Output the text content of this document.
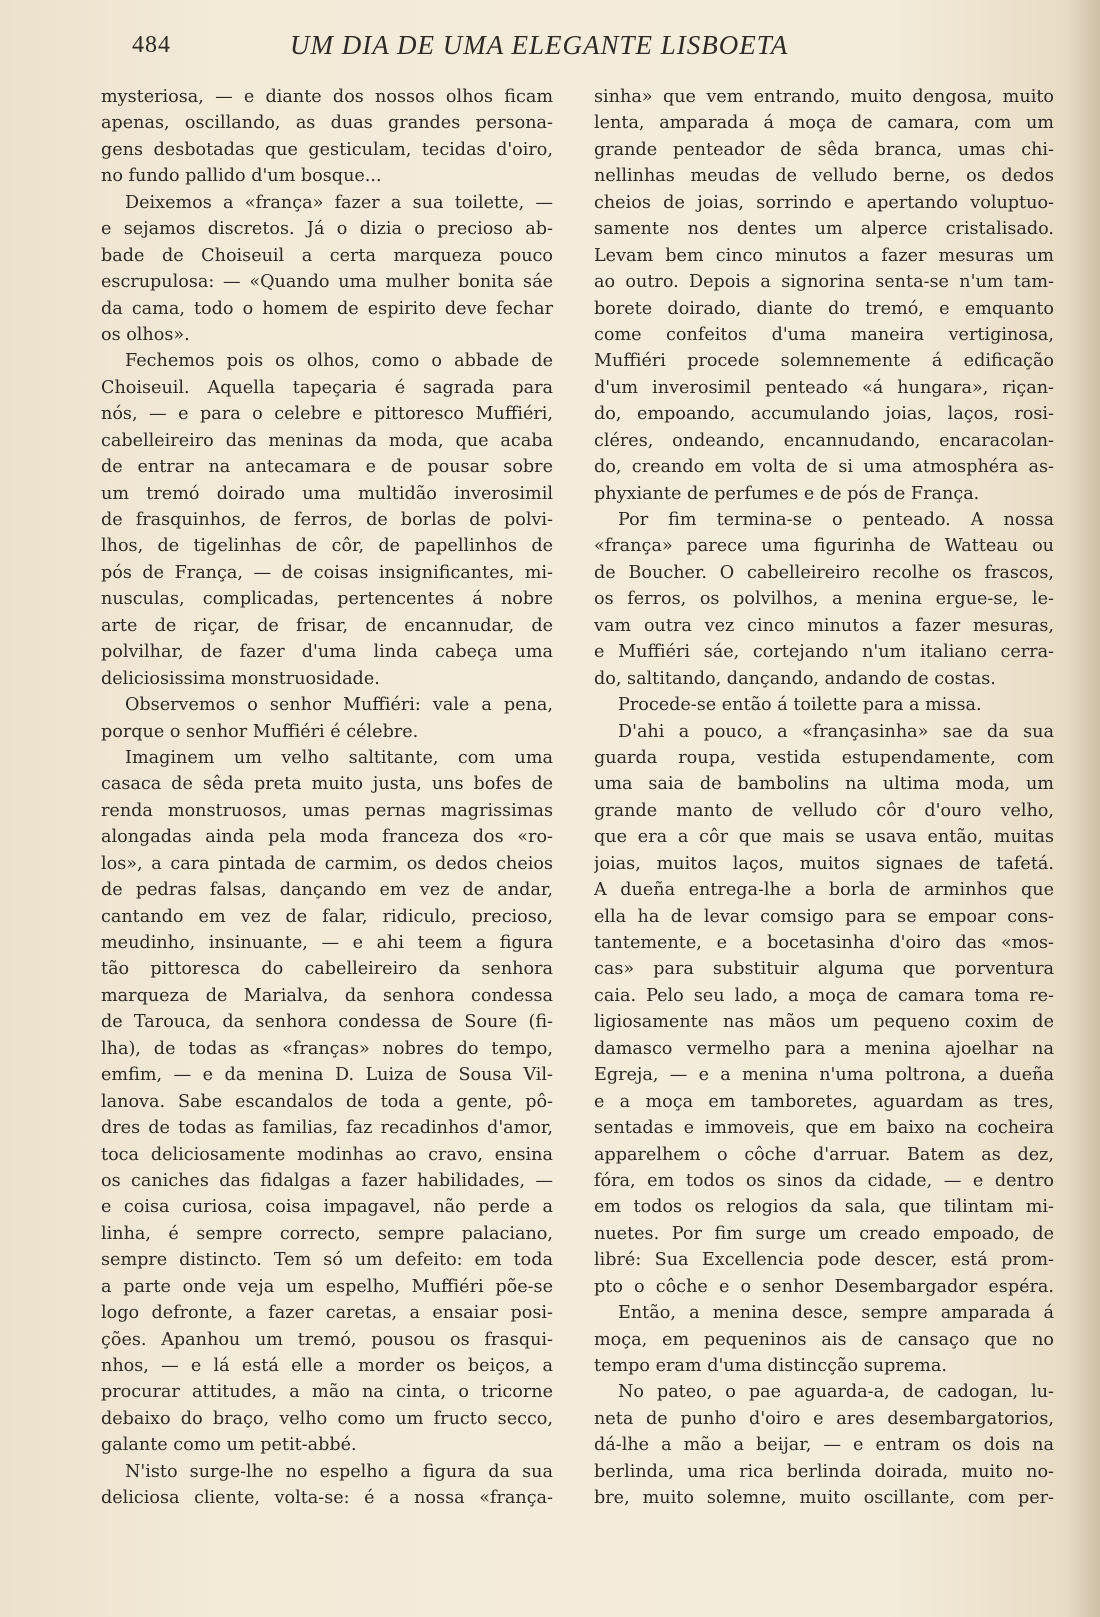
484	UM DIA DE UMA ELEGANTE LISBOETA
mysteriosa, — e diante dos nossos olhos ficam
apenas, oscillando, as duas grandes persona-
gens desbotadas que gesticulam, tecidas d'oiro,
no fundo pallido d'um bosque...
Deixemos a «françа» fazer a sua toilette, —
e sejamos discretos. Já o dizia o precioso ab-
bade de Choiseuil a certa marqueza pouco
escrupulosa: — «Quando uma mulher bonita sáe
da cama, todo o homem de espirito deve fechar
os olhos».
Fechemos pois os olhos, como o abbade de
Choiseuil. Aquella tapeçaria é sagrada para
nós, — e para o celebre e pittoresco Muffiéri,
cabelleireiro das meninas da moda, que acaba
de entrar na antecamara e de pousar sobre
um tremó doirado uma multidão inverosimil
de frasquinhos, de ferros, de borlas de polvi-
lhos, de tigelinhas de côr, de papellinhos de
pós de França, — de coisas insignificantes, mi-
nusculas, complicadas, pertencentes á nobre
arte de riçar, de frisar, de encannudar, de
polvilhar, de fazer d'uma linda cabeça uma
deliciosissima monstruosidade.
Observemos o senhor Muffiéri: vale a pena,
porque o senhor Muffiéri é célebre.
Imaginem um velho saltitante, com uma
casaca de sêda preta muito justa, uns bofes de
renda monstruosos, umas pernas magrissimas
alongadas ainda pela moda franceza dos «ro-
los», a cara pintada de carmim, os dedos cheios
de pedras falsas, dançando em vez de andar,
cantando em vez de falar, ridiculo, precioso,
meudinho, insinuante, — e ahi teem a figura
tão pittoresca do cabelleireiro da senhora
marqueza de Marialva, da senhora condessa
de Tarouca, da senhora condessa de Soure (fi-
lha), de todas as «franças» nobres do tempo,
emfim, — e da menina D. Luiza de Sousa Vil-
lanova. Sabe escandalos de toda a gente, pô-
dres de todas as familias, faz recadinhos d'amor,
toca deliciosamente modinhas ao cravo, ensina
os caniches das fidalgas a fazer habilidades, —
e coisa curiosa, coisa impagavel, não perde a
linha, é sempre correcto, sempre palaciano,
sempre distincto. Tem só um defeito: em toda
a parte onde veja um espelho, Muffiéri põe-se
logo defronte, a fazer caretas, a ensaiar posi-
ções. Apanhou um tremó, pousou os frasqui-
nhos, — e lá está elle a morder os beiços, a
procurar attitudes, a mão na cinta, o tricorne
debaixo do braço, velho como um fructo secco,
galante como um petit-abbé.
N'isto surge-lhe no espelho a figura da sua
deliciosa cliente, volta-se: é a nossa «frança-
sinha» que vem entrando, muito dengosa, muito
lenta, amparada á moça de camara, com um
grande penteador de sêda branca, umas chi-
nellinhas meudas de velludo berne, os dedos
cheios de joias, sorrindo e apertando voluptuo-
samente nos dentes um alperce cristalisado.
Levam bem cinco minutos a fazer mesuras um
ao outro. Depois a signorina senta-se n'um tam-
borete doirado, diante do tremó, e emquanto
come confeitos d'uma maneira vertiginosa,
Muffiéri procede solemnemente á edificação
d'um inverosimil penteado «á hungara», riçan-
do, empoando, accumulando joias, laços, rosi-
cléres, ondeando, encannudando, encaracolan-
do, creando em volta de si uma atmosphéra as-
phyxiante de perfumes e de pós de França.
Por fim termina-se o penteado. A nossa
«frança» parece uma figurinha de Watteau ou
de Boucher. O cabelleireiro recolhe os frascos,
os ferros, os polvilhos, a menina ergue-se, le-
vam outra vez cinco minutos a fazer mesuras,
e Muffiéri sáe, cortejando n'um italiano cerra-
do, saltitando, dançando, andando de costas.
Procede-se então á toilette para a missa.
D'ahi a pouco, a «françasinha» sae da sua
guarda roupa, vestida estupendamente, com
uma saia de bambolins na ultima moda, um
grande manto de velludo côr d'ouro velho,
que era a côr que mais se usava então, muitas
joias, muitos laços, muitos signaes de tafetá.
A dueña entrega-lhe a borla de arminhos que
ella ha de levar comsigo para se empoar cons-
tantemente, e a bocetasinha d'oiro das «mos-
cas» para substituir alguma que porventura
caia. Pelo seu lado, a moça de camara toma re-
ligiosamente nas mãos um pequeno coxim de
damasco vermelho para a menina ajoelhar na
Egreja, — e a menina n'uma poltrona, a dueña
e a moça em tamboretes, aguardam as tres,
sentadas e immoveis, que em baixo na cocheira
apparelhem o côche d'arruar. Batem as dez,
fóra, em todos os sinos da cidade, — e dentro
em todos os relogios da sala, que tilintam mi-
nuetes. Por fim surge um creado empoado, de
libré: Sua Excellencia pode descer, está prom-
pto o côche e o senhor Desembargador espéra.
Então, a menina desce, sempre amparada á
moça, em pequeninos ais de cansaço que no
tempo eram d'uma distincção suprema.
No pateo, o pae aguarda-a, de cadogan, lu-
neta de punho d'oiro e ares desembargatorios,
dá-lhe a mão a beijar, — e entram os dois na
berlinda, uma rica berlinda doirada, muito no-
bre, muito solemne, muito oscillante, com per-
